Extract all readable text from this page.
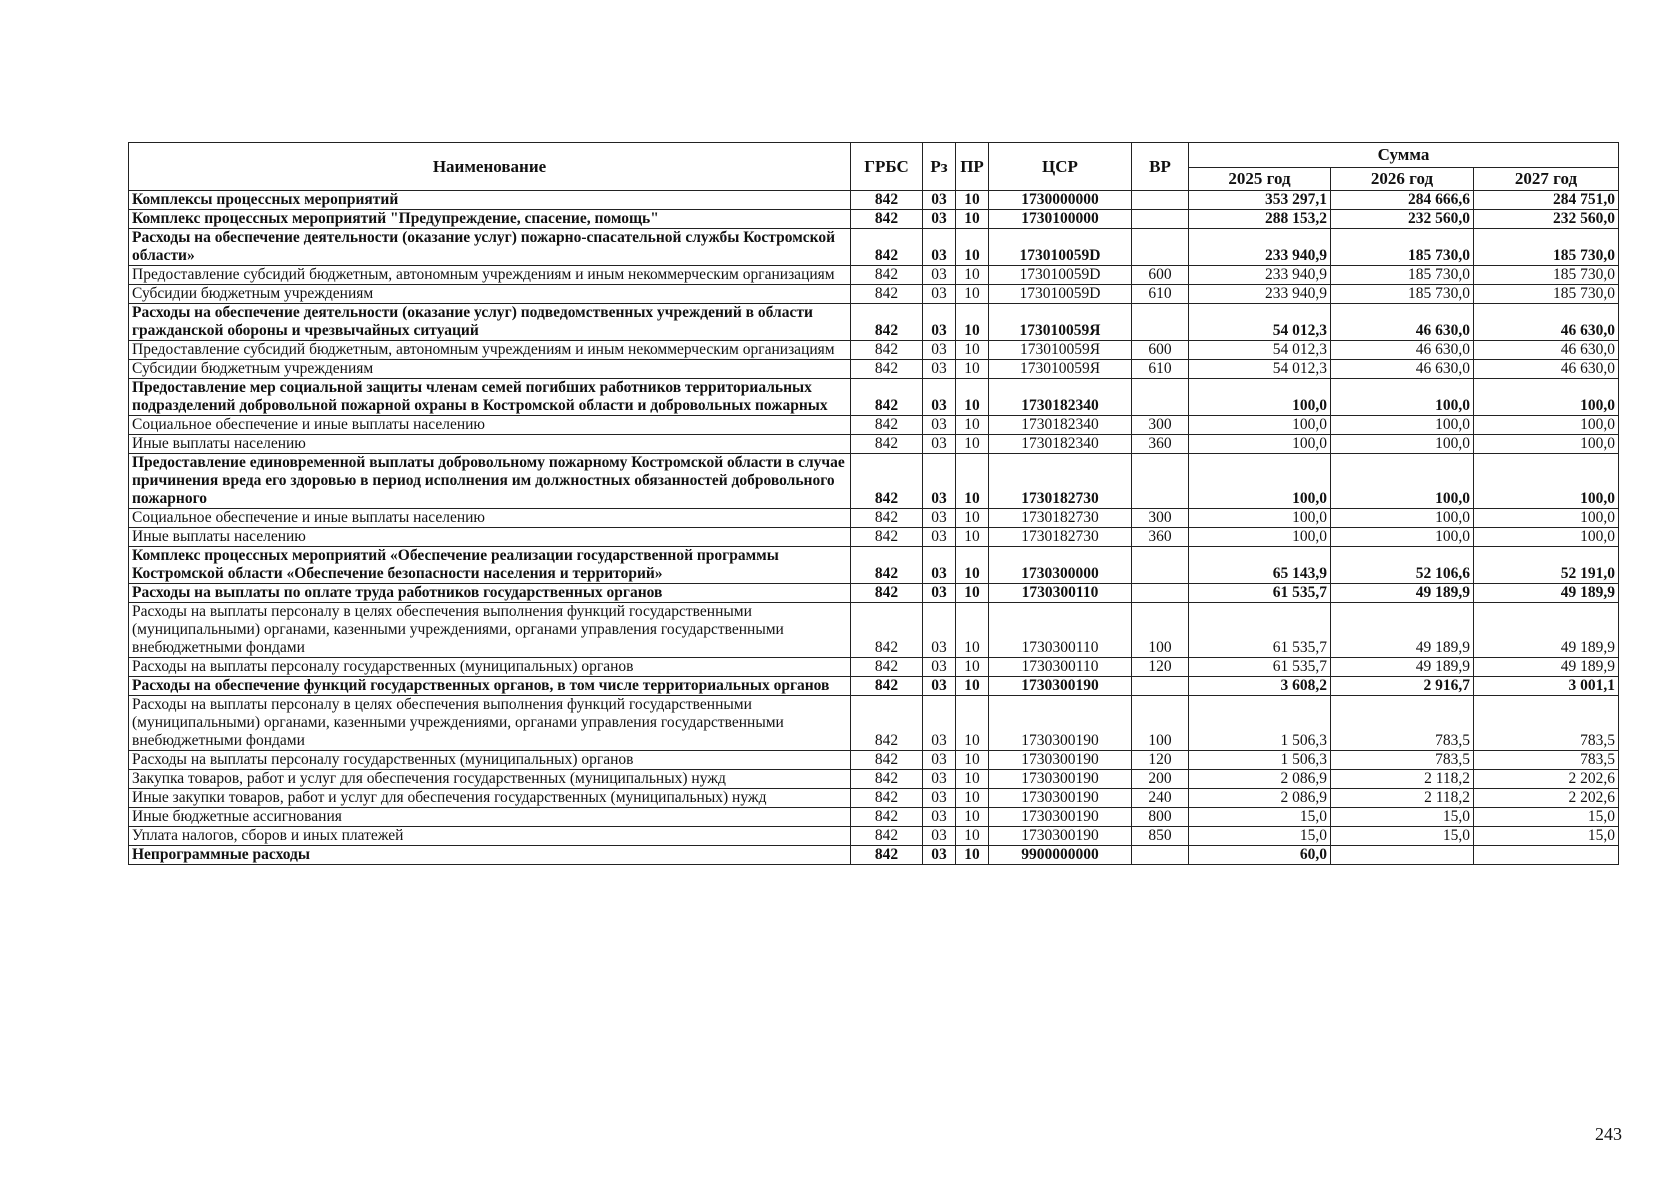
Наименование	ГРБС	Рз	ПР	ЦСР	ВР	Сумма		
						2025 год	2026 год	2027 год
Комплексы процессных мероприятий	842	03	10	1730000000		353 297,1	284 666,6	284 751,0
Комплекс процессных мероприятий "Предупреждение, спасение, помощь"	842	03	10	1730100000		288 153,2	232 560,0	232 560,0
Расходы на обеспечение деятельности (оказание услуг) пожарно-спасательной службы Костромской области»	842	03	10	173010059D		233 940,9	185 730,0	185 730,0
Предоставление субсидий бюджетным, автономным учреждениям и иным некоммерческим организациям	842	03	10	173010059D	600	233 940,9	185 730,0	185 730,0
Субсидии бюджетным учреждениям	842	03	10	173010059D	610	233 940,9	185 730,0	185 730,0
Расходы на обеспечение деятельности (оказание услуг) подведомственных учреждений в области гражданской обороны и чрезвычайных ситуаций	842	03	10	173010059Я		54 012,3	46 630,0	46 630,0
Предоставление субсидий бюджетным, автономным учреждениям и иным некоммерческим организациям	842	03	10	173010059Я	600	54 012,3	46 630,0	46 630,0
Субсидии бюджетным учреждениям	842	03	10	173010059Я	610	54 012,3	46 630,0	46 630,0
Предоставление мер социальной защиты членам семей погибших работников территориальных подразделений добровольной пожарной охраны в Костромской области и добровольных пожарных	842	03	10	1730182340		100,0	100,0	100,0
Социальное обеспечение и иные выплаты населению	842	03	10	1730182340	300	100,0	100,0	100,0
Иные выплаты населению	842	03	10	1730182340	360	100,0	100,0	100,0
Предоставление единовременной выплаты добровольному пожарному Костромской области в случае причинения вреда его здоровью в период исполнения им должностных обязанностей добровольного пожарного	842	03	10	1730182730		100,0	100,0	100,0
Социальное обеспечение и иные выплаты населению	842	03	10	1730182730	300	100,0	100,0	100,0
Иные выплаты населению	842	03	10	1730182730	360	100,0	100,0	100,0
Комплекс процессных мероприятий «Обеспечение реализации государственной программы Костромской области «Обеспечение безопасности населения и территорий»	842	03	10	1730300000		65 143,9	52 106,6	52 191,0
Расходы на выплаты по оплате труда работников государственных органов	842	03	10	1730300110		61 535,7	49 189,9	49 189,9
Расходы на выплаты персоналу в целях обеспечения выполнения функций государственными (муниципальными) органами, казенными учреждениями, органами управления государственными внебюджетными фондами	842	03	10	1730300110	100	61 535,7	49 189,9	49 189,9
Расходы на выплаты персоналу государственных (муниципальных) органов	842	03	10	1730300110	120	61 535,7	49 189,9	49 189,9
Расходы на обеспечение функций государственных органов, в том числе территориальных органов	842	03	10	1730300190		3 608,2	2 916,7	3 001,1
Расходы на выплаты персоналу в целях обеспечения выполнения функций государственными (муниципальными) органами, казенными учреждениями, органами управления государственными внебюджетными фондами	842	03	10	1730300190	100	1 506,3	783,5	783,5
Расходы на выплаты персоналу государственных (муниципальных) органов	842	03	10	1730300190	120	1 506,3	783,5	783,5
Закупка товаров, работ и услуг для обеспечения государственных (муниципальных) нужд	842	03	10	1730300190	200	2 086,9	2 118,2	2 202,6
Иные закупки товаров, работ и услуг для обеспечения государственных (муниципальных) нужд	842	03	10	1730300190	240	2 086,9	2 118,2	2 202,6
Иные бюджетные ассигнования	842	03	10	1730300190	800	15,0	15,0	15,0
Уплата налогов, сборов и иных платежей	842	03	10	1730300190	850	15,0	15,0	15,0
Непрограммные расходы	842	03	10	9900000000		60,0		
243
